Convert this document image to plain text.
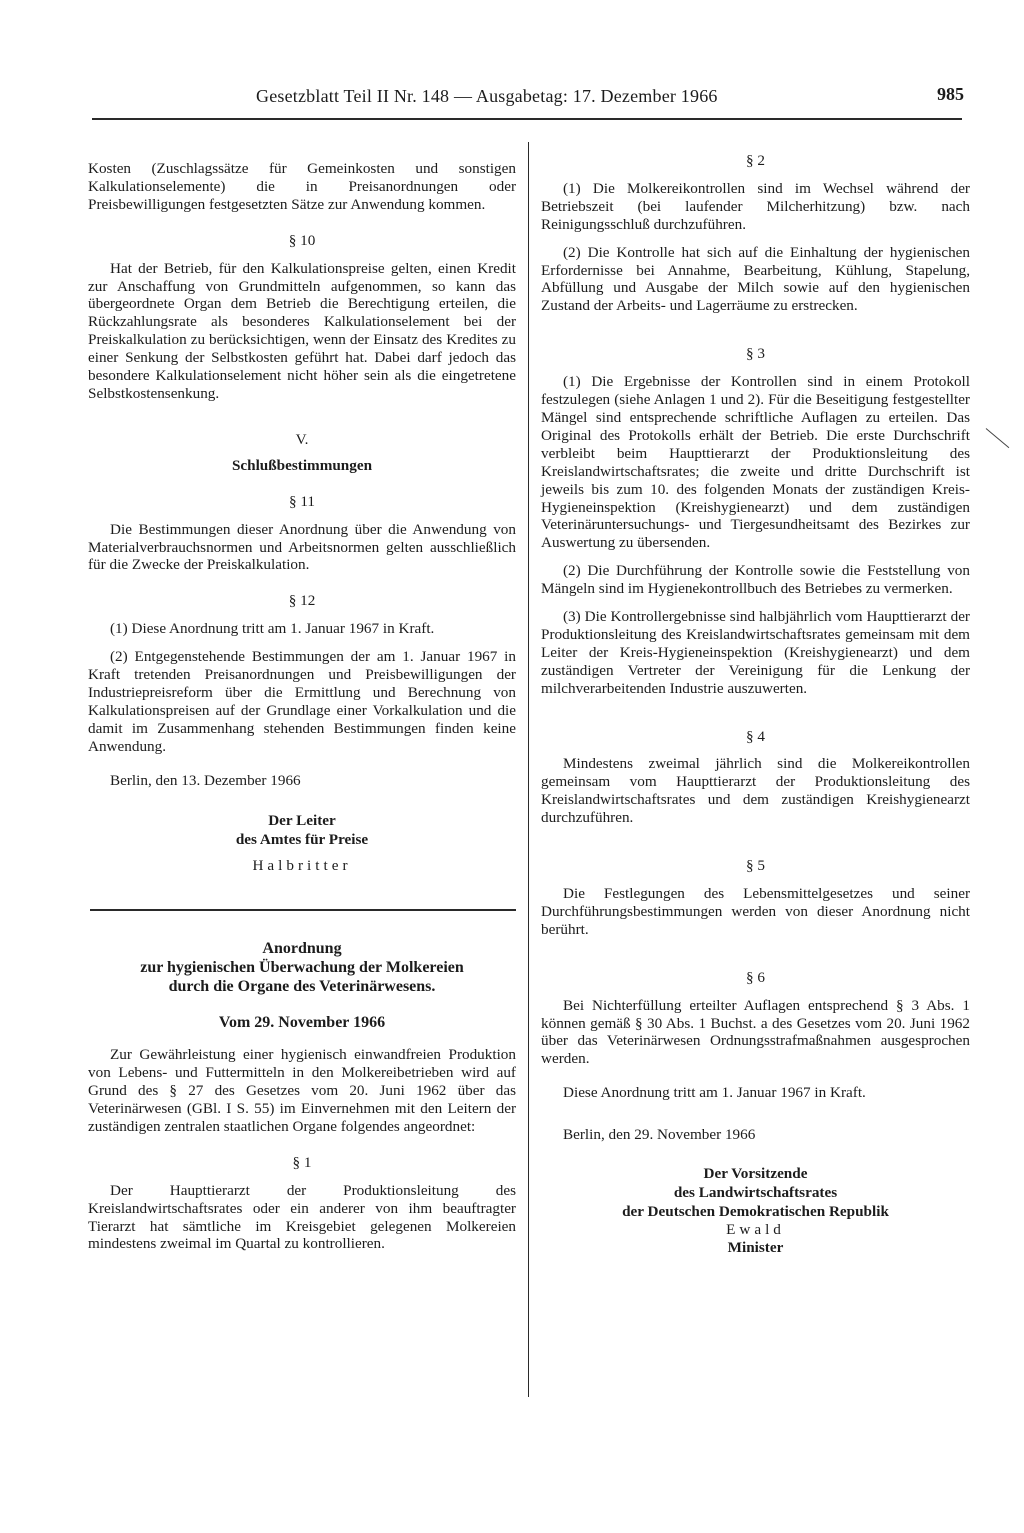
Gesetzblatt Teil II Nr. 148 — Ausgabetag: 17. Dezember 1966	985

Kosten (Zuschlagssätze für Gemeinkosten und sonstigen Kalkulationselemente) die in Preisanordnungen oder Preisbewilligungen festgesetzten Sätze zur Anwendung kommen.

§ 10

Hat der Betrieb, für den Kalkulationspreise gelten, einen Kredit zur Anschaffung von Grundmitteln aufgenommen, so kann das übergeordnete Organ dem Betrieb die Berechtigung erteilen, die Rückzahlungsrate als besonderes Kalkulationselement bei der Preiskalkulation zu berücksichtigen, wenn der Einsatz des Kredites zu einer Senkung der Selbstkosten geführt hat. Dabei darf jedoch das besondere Kalkulationselement nicht höher sein als die eingetretene Selbstkostensenkung.

V.

Schlußbestimmungen

§ 11

Die Bestimmungen dieser Anordnung über die Anwendung von Materialverbrauchsnormen und Arbeitsnormen gelten ausschließlich für die Zwecke der Preiskalkulation.

§ 12

(1) Diese Anordnung tritt am 1. Januar 1967 in Kraft.

(2) Entgegenstehende Bestimmungen der am 1. Januar 1967 in Kraft tretenden Preisanordnungen und Preisbewilligungen der Industriepreisreform über die Ermittlung und Berechnung von Kalkulationspreisen auf der Grundlage einer Vorkalkulation und die damit im Zusammenhang stehenden Bestimmungen finden keine Anwendung.

Berlin, den 13. Dezember 1966

Der Leiter
des Amtes für Preise

Halbritter

Anordnung
zur hygienischen Überwachung der Molkereien
durch die Organe des Veterinärwesens.

Vom 29. November 1966

Zur Gewährleistung einer hygienisch einwandfreien Produktion von Lebens- und Futtermitteln in den Molkereibetrieben wird auf Grund des § 27 des Gesetzes vom 20. Juni 1962 über das Veterinärwesen (GBl. I S. 55) im Einvernehmen mit den Leitern der zuständigen zentralen staatlichen Organe folgendes angeordnet:

§ 1

Der Haupttierarzt der Produktionsleitung des Kreislandwirtschaftsrates oder ein anderer von ihm beauftragter Tierarzt hat sämtliche im Kreisgebiet gelegenen Molkereien mindestens zweimal im Quartal zu kontrollieren.

§ 2

(1) Die Molkereikontrollen sind im Wechsel während der Betriebszeit (bei laufender Milcherhitzung) bzw. nach Reinigungsschluß durchzuführen.

(2) Die Kontrolle hat sich auf die Einhaltung der hygienischen Erfordernisse bei Annahme, Bearbeitung, Kühlung, Stapelung, Abfüllung und Ausgabe der Milch sowie auf den hygienischen Zustand der Arbeits- und Lagerräume zu erstrecken.

§ 3

(1) Die Ergebnisse der Kontrollen sind in einem Protokoll festzulegen (siehe Anlagen 1 und 2). Für die Beseitigung festgestellter Mängel sind entsprechende schriftliche Auflagen zu erteilen. Das Original des Protokolls erhält der Betrieb. Die erste Durchschrift verbleibt beim Haupttierarzt der Produktionsleitung des Kreislandwirtschaftsrates; die zweite und dritte Durchschrift ist jeweils bis zum 10. des folgenden Monats der zuständigen Kreis-Hygieneinspektion (Kreishygienearzt) und dem zuständigen Veterinäruntersuchungs- und Tiergesundheitsamt des Bezirkes zur Auswertung zu übersenden.

(2) Die Durchführung der Kontrolle sowie die Feststellung von Mängeln sind im Hygienekontrollbuch des Betriebes zu vermerken.

(3) Die Kontrollergebnisse sind halbjährlich vom Haupttierarzt der Produktionsleitung des Kreislandwirtschaftsrates gemeinsam mit dem Leiter der Kreis-Hygieneinspektion (Kreishygienearzt) und dem zuständigen Vertreter der Vereinigung für die Lenkung der milchverarbeitenden Industrie auszuwerten.

§ 4

Mindestens zweimal jährlich sind die Molkereikontrollen gemeinsam vom Haupttierarzt der Produktionsleitung des Kreislandwirtschaftsrates und dem zuständigen Kreishygienearzt durchzuführen.

§ 5

Die Festlegungen des Lebensmittelgesetzes und seiner Durchführungsbestimmungen werden von dieser Anordnung nicht berührt.

§ 6

Bei Nichterfüllung erteilter Auflagen entsprechend § 3 Abs. 1 können gemäß § 30 Abs. 1 Buchst. a des Gesetzes vom 20. Juni 1962 über das Veterinärwesen Ordnungsstrafmaßnahmen ausgesprochen werden.

Diese Anordnung tritt am 1. Januar 1967 in Kraft.

Berlin, den 29. November 1966

Der Vorsitzende
des Landwirtschaftsrates
der Deutschen Demokratischen Republik

Ewald

Minister
